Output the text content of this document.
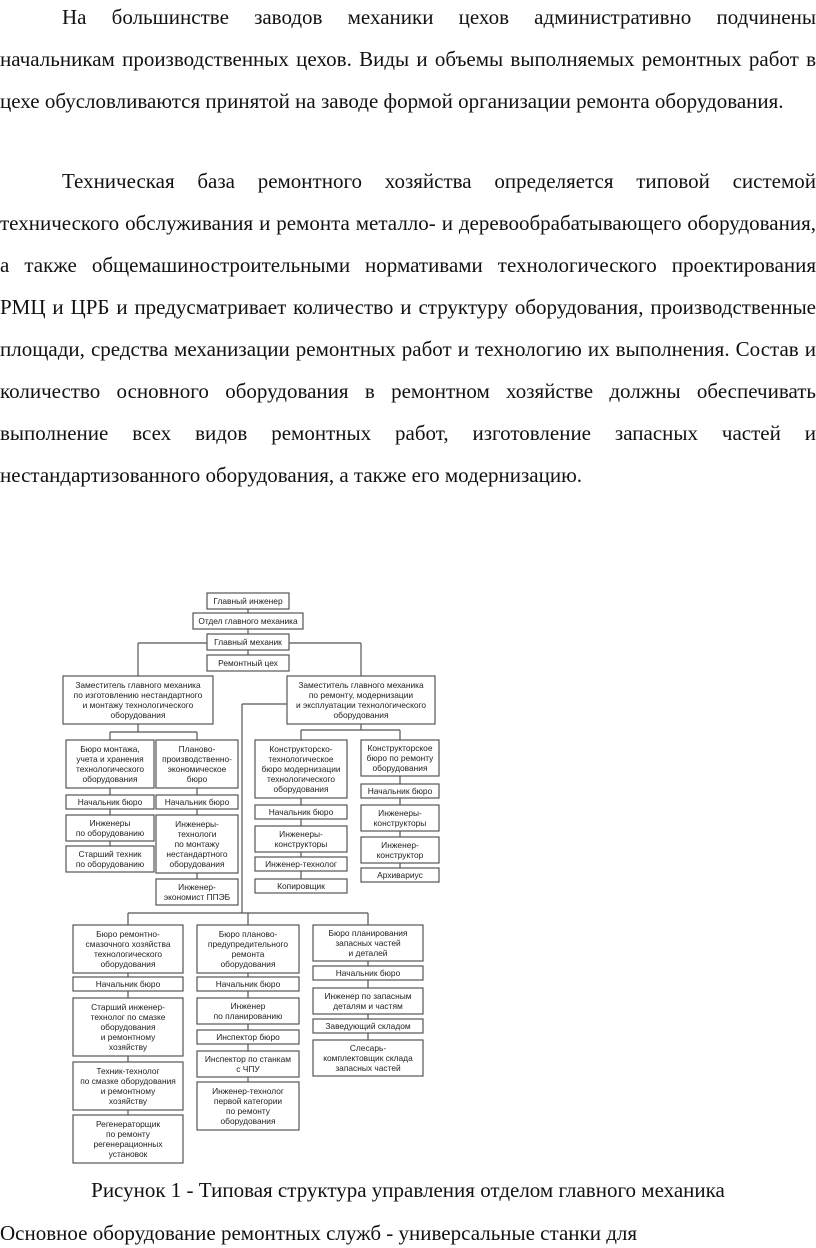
На большинстве заводов механики цехов административно подчинены начальникам производственных цехов. Виды и объемы выполняемых ремонтных работ в цехе обусловливаются принятой на заводе формой организации ремонта оборудования.

Техническая база ремонтного хозяйства определяется типовой системой технического обслуживания и ремонта металло- и деревообрабатывающего оборудования, а также общемашиностроительными нормативами технологического проектирования РМЦ и ЦРБ и предусматривает количество и структуру оборудования, производственные площади, средства механизации ремонтных работ и технологию их выполнения. Состав и количество основного оборудования в ремонтном хозяйстве должны обеспечивать выполнение всех видов ремонтных работ, изготовление запасных частей и нестандартизованного оборудования, а также его модернизацию.

Главный инженер
Отдел главного механика
Главный механик
Ремонтный цех
Заместитель главного механика
по изготовлению нестандартного
и монтажу технологического
оборудования
Заместитель главного механика
по ремонту, модернизации
и эксплуатации технологического
оборудования
Бюро монтажа,
учета и хранения
технологического
оборудования
Начальник бюро
Инженеры
по оборудованию
Старший техник
по оборудованию
Планово-
производственно-
экономическое
бюро
Начальник бюро
Инженеры-
технологи
по монтажу
нестандартного
оборудования
Инженер-
экономист ППЭБ
Конструкторско-
технологическое
бюро модернизации
технологического
оборудования
Начальник бюро
Инженеры-
конструкторы
Инженер-технолог
Копировщик
Конструкторское
бюро по ремонту
оборудования
Начальник бюро
Инженеры-
конструкторы
Инженер-
конструктор
Архивариус
Бюро ремонтно-
смазочного хозяйства
технологического
оборудования
Начальник бюро
Старший инженер-
технолог по смазке
оборудования
и ремонтному
хозяйству
Техник-технолог
по смазке оборудования
и ремонтному
хозяйству
Регенераторщик
по ремонту
регенерационных
установок
Бюро планово-
предупредительного
ремонта
оборудования
Начальник бюро
Инженер
по планированию
Инспектор бюро
Инспектор по станкам
с ЧПУ
Инженер-технолог
первой категории
по ремонту
оборудования
Бюро планирования
запасных частей
и деталей
Начальник бюро
Инженер по запасным
деталям и частям
Заведующий складом
Слесарь-
комплектовщик склада
запасных частей

Рисунок 1 - Типовая структура управления отделом главного механика

Основное оборудование ремонтных служб - универсальные станки для
